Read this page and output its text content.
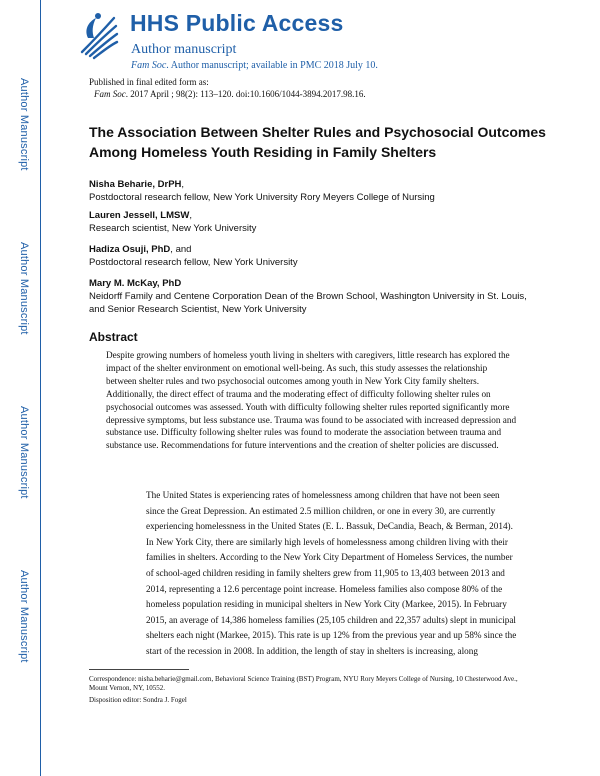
Author Manuscript
Author Manuscript
Author Manuscript
Author Manuscript
HHS Public Access
Author manuscript
Fam Soc. Author manuscript; available in PMC 2018 July 10.
Published in final edited form as:
Fam Soc. 2017 April ; 98(2): 113–120. doi:10.1606/1044-3894.2017.98.16.
The Association Between Shelter Rules and Psychosocial Outcomes Among Homeless Youth Residing in Family Shelters
Nisha Beharie, DrPH,
Postdoctoral research fellow, New York University Rory Meyers College of Nursing
Lauren Jessell, LMSW,
Research scientist, New York University
Hadiza Osuji, PhD, and
Postdoctoral research fellow, New York University
Mary M. McKay, PhD
Neidorff Family and Centene Corporation Dean of the Brown School, Washington University in St. Louis, and Senior Research Scientist, New York University
Abstract
Despite growing numbers of homeless youth living in shelters with caregivers, little research has explored the impact of the shelter environment on emotional well-being. As such, this study assesses the relationship between shelter rules and two psychosocial outcomes among youth in New York City family shelters. Additionally, the direct effect of trauma and the moderating effect of difficulty following shelter rules on psychosocial outcomes was assessed. Youth with difficulty following shelter rules reported significantly more depressive symptoms, but less substance use. Trauma was found to be associated with increased depression and substance use. Difficulty following shelter rules was found to moderate the association between trauma and substance use. Recommendations for future interventions and the creation of shelter policies are discussed.
The United States is experiencing rates of homelessness among children that have not been seen since the Great Depression. An estimated 2.5 million children, or one in every 30, are currently experiencing homelessness in the United States (E. L. Bassuk, DeCandia, Beach, & Berman, 2014). In New York City, there are similarly high levels of homelessness among children living with their families in shelters. According to the New York City Department of Homeless Services, the number of school-aged children residing in family shelters grew from 11,905 to 13,403 between 2013 and 2014, representing a 12.6 percentage point increase. Homeless families also compose 80% of the homeless population residing in municipal shelters in New York City (Markee, 2015). In February 2015, an average of 14,386 homeless families (25,105 children and 22,357 adults) slept in municipal shelters each night (Markee, 2015). This rate is up 12% from the previous year and up 58% since the start of the recession in 2008. In addition, the length of stay in shelters is increasing, along
Correspondence: nisha.beharie@gmail.com, Behavioral Science Training (BST) Program, NYU Rory Meyers College of Nursing, 10 Chesterwood Ave., Mount Vernon, NY, 10552.
Disposition editor: Sondra J. Fogel
